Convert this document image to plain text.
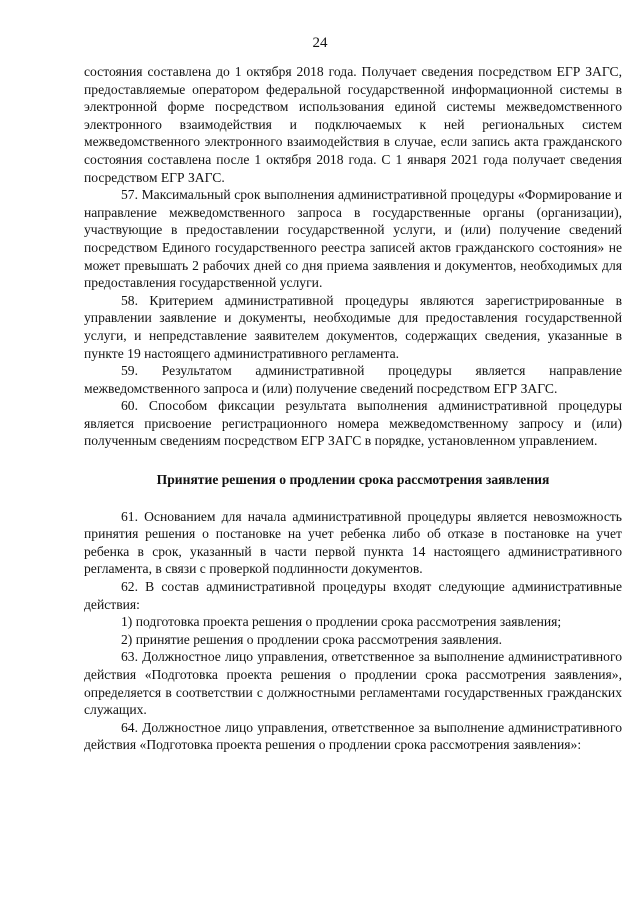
24

состояния составлена до 1 октября 2018 года. Получает сведения посредством ЕГР ЗАГС, предоставляемые оператором федеральной государственной информационной системы в электронной форме посредством использования единой системы межведомственного электронного взаимодействия и подключаемых к ней региональных систем межведомственного электронного взаимодействия в случае, если запись акта гражданского состояния составлена после 1 октября 2018 года. С 1 января 2021 года получает сведения посредством ЕГР ЗАГС.

57. Максимальный срок выполнения административной процедуры «Формирование и направление межведомственного запроса в государственные органы (организации), участвующие в предоставлении государственной услуги, и (или) получение сведений посредством Единого государственного реестра записей актов гражданского состояния» не может превышать 2 рабочих дней со дня приема заявления и документов, необходимых для предоставления государственной услуги.

58. Критерием административной процедуры являются зарегистрированные в управлении заявление и документы, необходимые для предоставления государственной услуги, и непредставление заявителем документов, содержащих сведения, указанные в пункте 19 настоящего административного регламента.

59. Результатом административной процедуры является направление межведомственного запроса и (или) получение сведений посредством ЕГР ЗАГС.

60. Способом фиксации результата выполнения административной процедуры является присвоение регистрационного номера межведомственному запросу и (или) полученным сведениям посредством ЕГР ЗАГС в порядке, установленном управлением.

Принятие решения о продлении срока рассмотрения заявления

61. Основанием для начала административной процедуры является невозможность принятия решения о постановке на учет ребенка либо об отказе в постановке на учет ребенка в срок, указанный в части первой пункта 14 настоящего административного регламента, в связи с проверкой подлинности документов.

62. В состав административной процедуры входят следующие административные действия:

1) подготовка проекта решения о продлении срока рассмотрения заявления;

2) принятие решения о продлении срока рассмотрения заявления.

63. Должностное лицо управления, ответственное за выполнение административного действия «Подготовка проекта решения о продлении срока рассмотрения заявления», определяется в соответствии с должностными регламентами государственных гражданских служащих.

64. Должностное лицо управления, ответственное за выполнение административного действия «Подготовка проекта решения о продлении срока рассмотрения заявления»:
